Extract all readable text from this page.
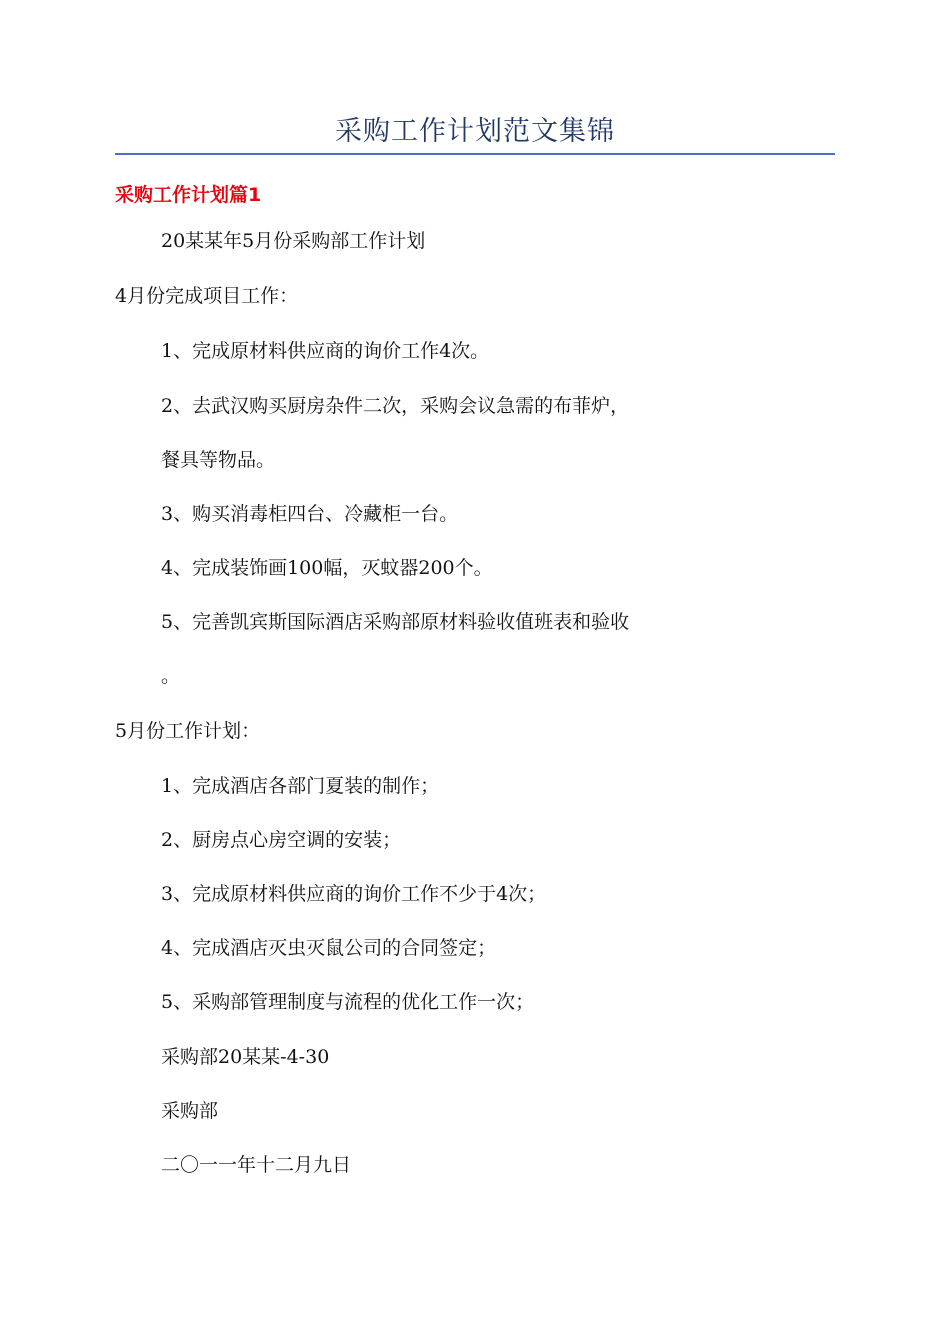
采购工作计划范文集锦
采购工作计划篇1
20某某年5月份采购部工作计划
4月份完成项目工作：
1、完成原材料供应商的询价工作4次。
2、去武汉购买厨房杂件二次，采购会议急需的布菲炉，
餐具等物品。
3、购买消毒柜四台、冷藏柜一台。
4、完成装饰画100幅，灭蚊器200个。
5、完善凯宾斯国际酒店采购部原材料验收值班表和验收
。
5月份工作计划：
1、完成酒店各部门夏装的制作；
2、厨房点心房空调的安装；
3、完成原材料供应商的询价工作不少于4次；
4、完成酒店灭虫灭鼠公司的合同签定；
5、采购部管理制度与流程的优化工作一次；
采购部20某某-4-30
采购部
二〇一一年十二月九日
